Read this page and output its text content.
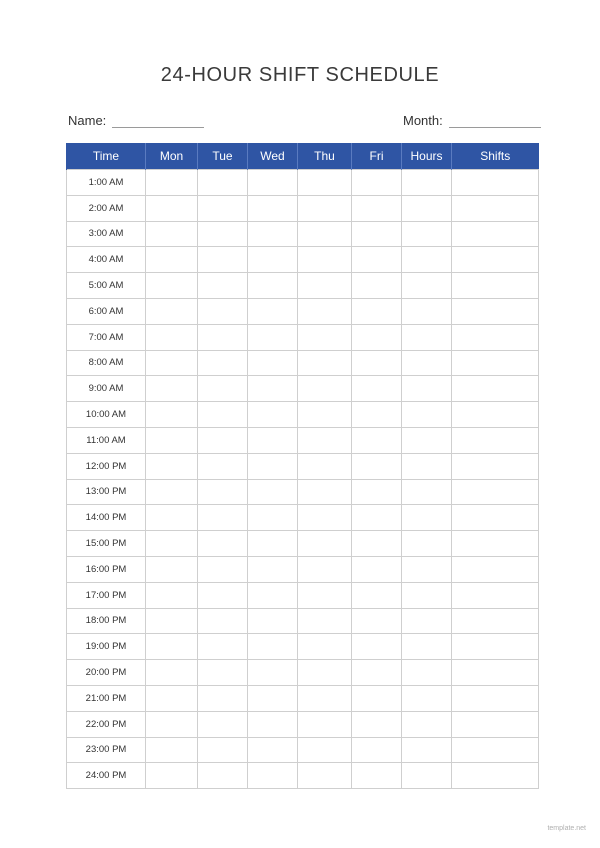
24-HOUR SHIFT SCHEDULE
Name:	Month:
Time	Mon	Tue	Wed	Thu	Fri	Hours	Shifts
1:00 AM							
2:00 AM							
3:00 AM							
4:00 AM							
5:00 AM							
6:00 AM							
7:00 AM							
8:00 AM							
9:00 AM							
10:00 AM							
11:00 AM							
12:00 PM							
13:00 PM							
14:00 PM							
15:00 PM							
16:00 PM							
17:00 PM							
18:00 PM							
19:00 PM							
20:00 PM							
21:00 PM							
22:00 PM							
23:00 PM							
24:00 PM							
template.net
